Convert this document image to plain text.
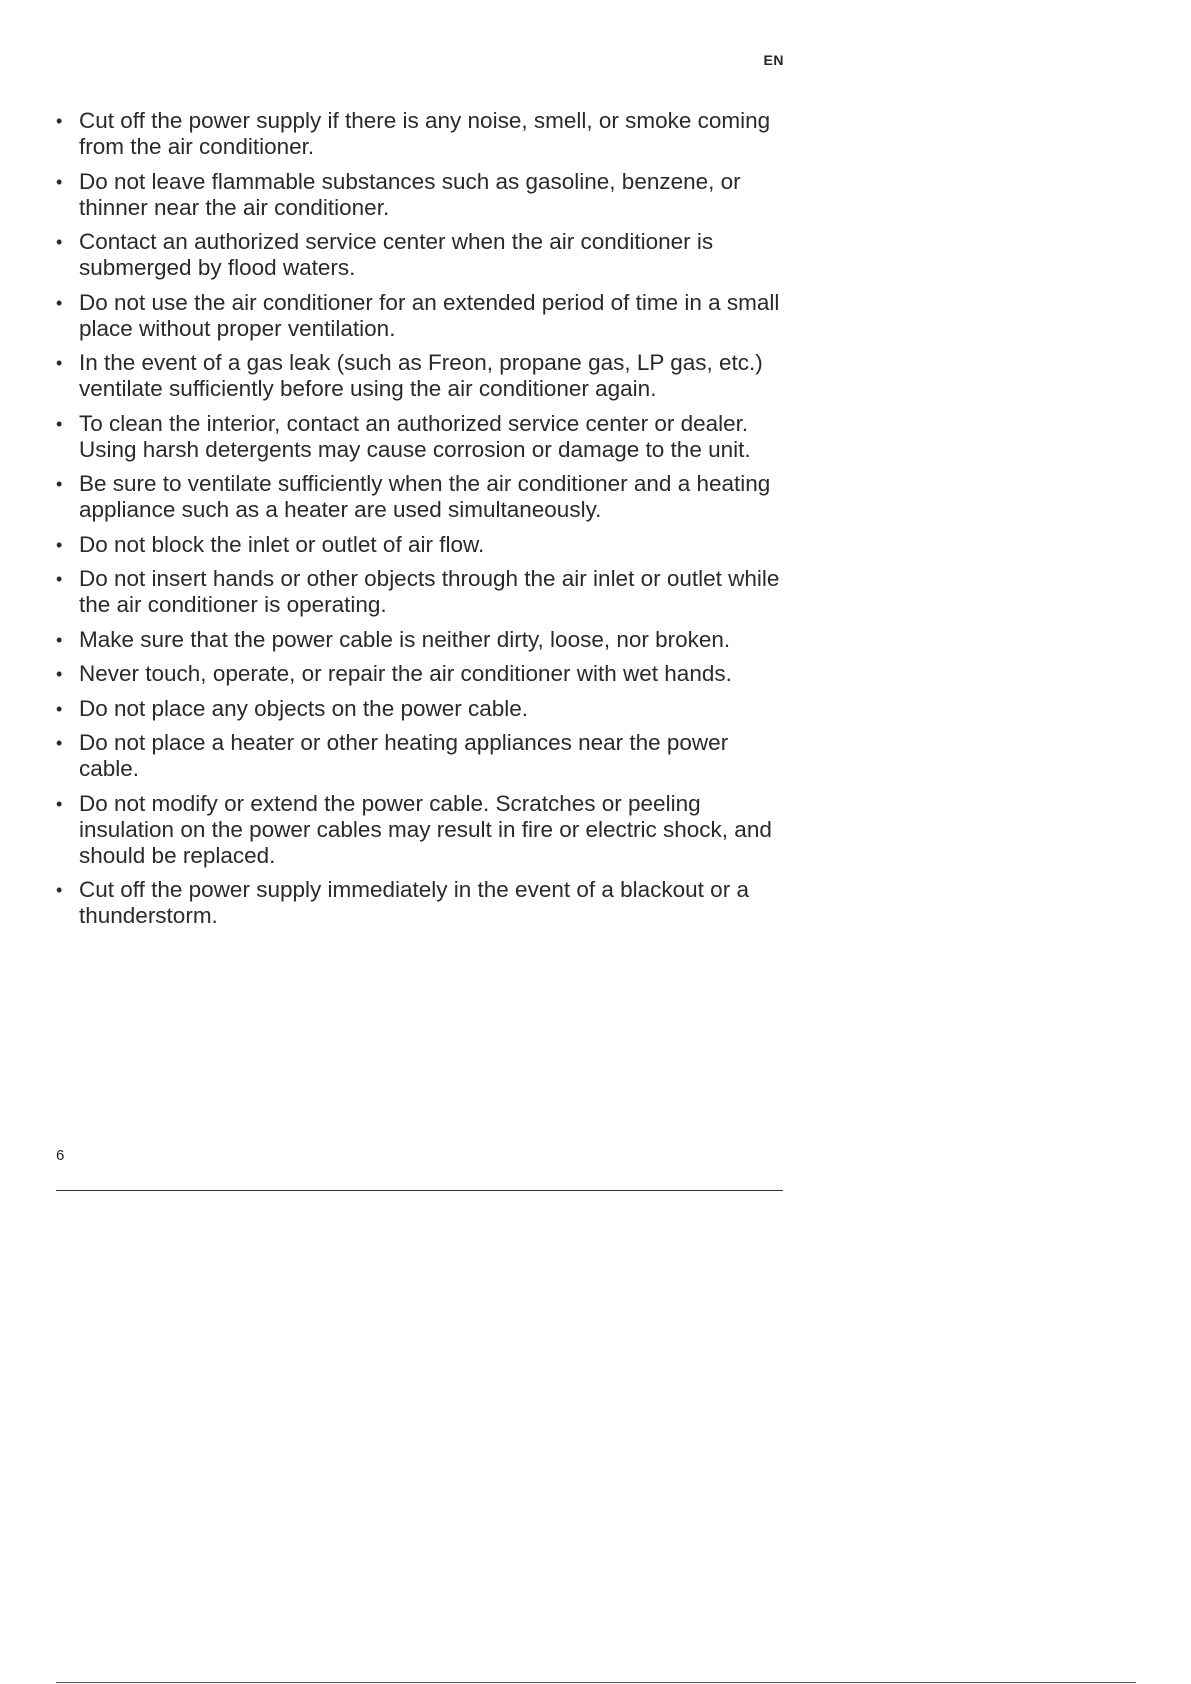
EN
• Cut off the power supply if there is any noise, smell, or smoke coming from the air conditioner.
• Do not leave flammable substances such as gasoline, benzene, or thinner near the air conditioner.
• Contact an authorized service center when the air conditioner is submerged by flood waters.
• Do not use the air conditioner for an extended period of time in a small place without proper ventilation.
• In the event of a gas leak (such as Freon, propane gas, LP gas, etc.) ventilate sufficiently before using the air conditioner again.
• To clean the interior, contact an authorized service center or dealer. Using harsh detergents may cause corrosion or damage to the unit.
• Be sure to ventilate sufficiently when the air conditioner and a heating appliance such as a heater are used simultaneously.
• Do not block the inlet or outlet of air flow.
• Do not insert hands or other objects through the air inlet or outlet while the air conditioner is operating.
• Make sure that the power cable is neither dirty, loose, nor broken.
• Never touch, operate, or repair the air conditioner with wet hands.
• Do not place any objects on the power cable.
• Do not place a heater or other heating appliances near the power cable.
• Do not modify or extend the power cable. Scratches or peeling insulation on the power cables may result in fire or electric shock, and should be replaced.
• Cut off the power supply immediately in the event of a blackout or a thunderstorm.
6
